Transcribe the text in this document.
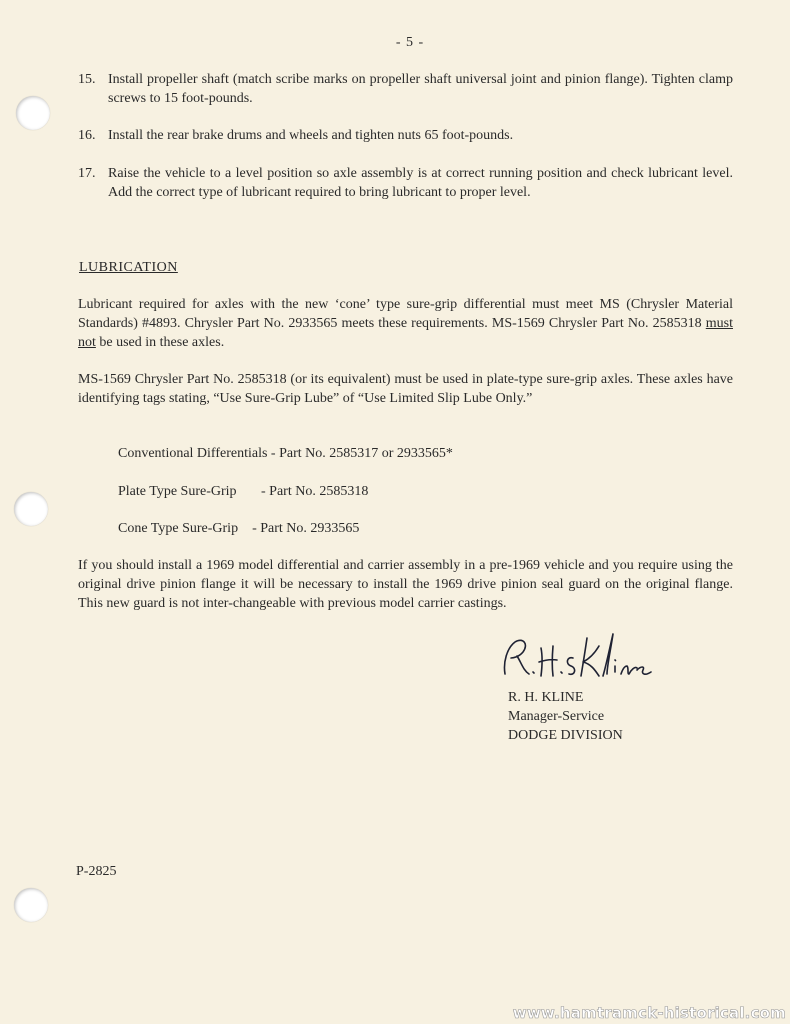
- 5 -
15. Install propeller shaft (match scribe marks on propeller shaft universal joint and pinion flange). Tighten clamp screws to 15 foot-pounds.
16. Install the rear brake drums and wheels and tighten nuts 65 foot-pounds.
17. Raise the vehicle to a level position so axle assembly is at correct running position and check lubricant level. Add the correct type of lubricant required to bring lubricant to proper level.
LUBRICATION
Lubricant required for axles with the new ‘cone’ type sure-grip differential must meet MS (Chrysler Material Standards) #4893. Chrysler Part No. 2933565 meets these requirements. MS-1569 Chrysler Part No. 2585318 must not be used in these axles.
MS-1569 Chrysler Part No. 2585318 (or its equivalent) must be used in plate-type sure-grip axles. These axles have identifying tags stating, “Use Sure-Grip Lube” of “Use Limited Slip Lube Only.”
Conventional Differentials - Part No. 2585317 or 2933565*
Plate Type Sure-Grip       - Part No. 2585318
Cone Type Sure-Grip    - Part No. 2933565
If you should install a 1969 model differential and carrier assembly in a pre-1969 vehicle and you require using the original drive pinion flange it will be necessary to install the 1969 drive pinion seal guard on the original flange. This new guard is not inter-changeable with previous model carrier castings.
R. H. KLINE
Manager-Service
DODGE DIVISION
P-2825
www.hamtramck-historical.com
